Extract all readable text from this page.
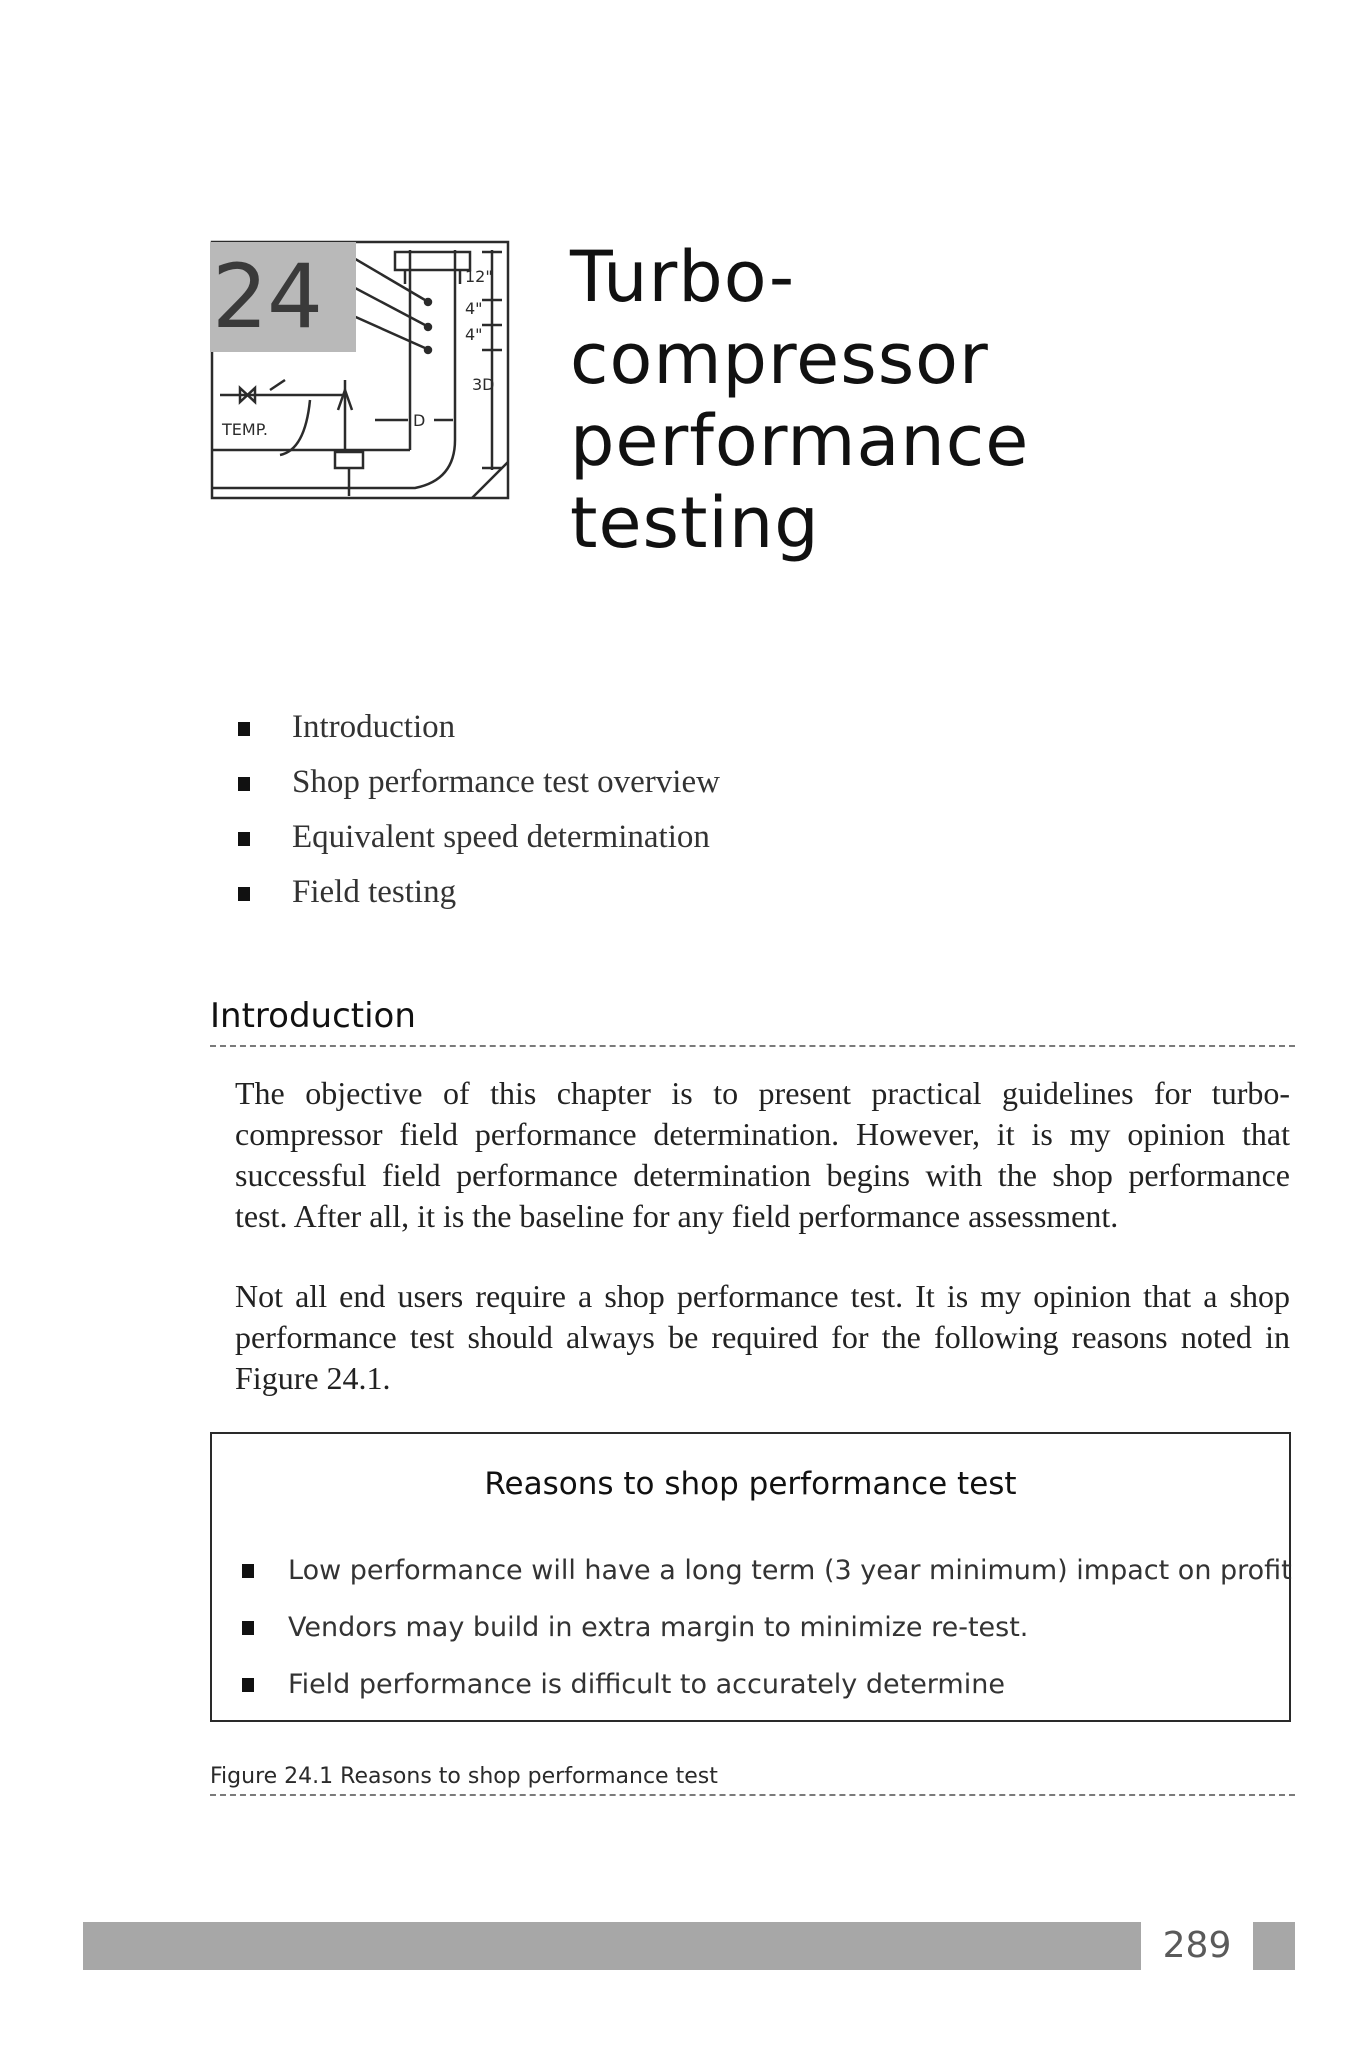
TEMP.
12"
4"
4"
3D
D
24	Turbo-
compressor
performance
testing
Introduction
Shop performance test overview
Equivalent speed determination
Field testing
Introduction

The objective of this chapter is to present practical guidelines for turbo-compressor field performance determination. However, it is my opinion that successful field performance determination begins with the shop performance test. After all, it is the baseline for any field performance assessment.

Not all end users require a shop performance test. It is my opinion that a shop performance test should always be required for the following reasons noted in Figure 24.1.

Reasons to shop performance test
Low performance will have a long term (3 year minimum) impact on profit
Vendors may build in extra margin to minimize re-test.
Field performance is difficult to accurately determine

Figure 24.1 Reasons to shop performance test

289
